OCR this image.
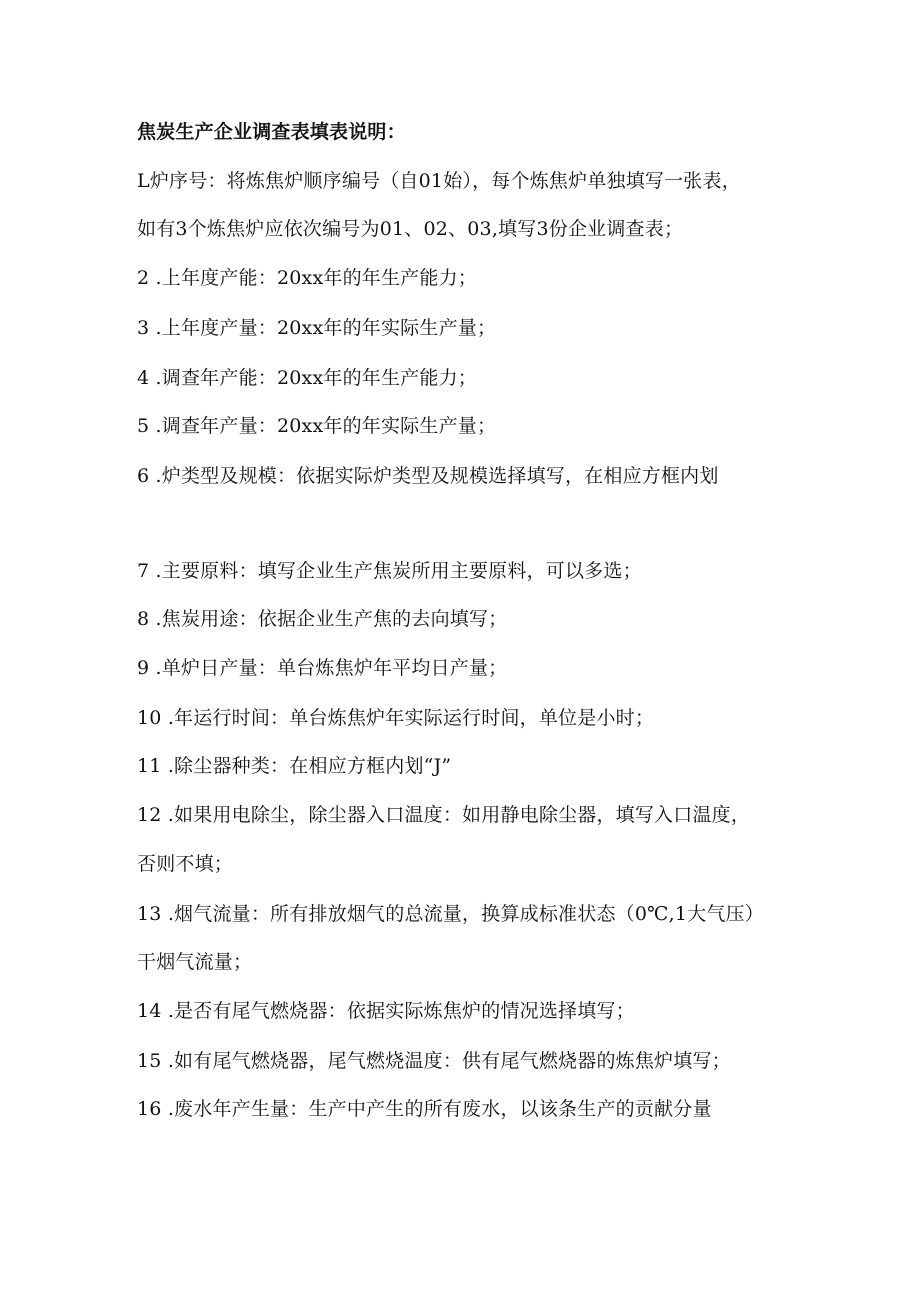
焦炭生产企业调查表填表说明：
L炉序号：将炼焦炉顺序编号（自01始），每个炼焦炉单独填写一张表，
如有3个炼焦炉应依次编号为01、02、03,填写3份企业调查表；
2 .上年度产能：20xx年的年生产能力；
3 .上年度产量：20xx年的年实际生产量；
4 .调查年产能：20xx年的年生产能力；
5 .调查年产量：20xx年的年实际生产量；
6 .炉类型及规模：依据实际炉类型及规模选择填写，在相应方框内划
7 .主要原料：填写企业生产焦炭所用主要原料，可以多选；
8 .焦炭用途：依据企业生产焦的去向填写；
9 .单炉日产量：单台炼焦炉年平均日产量；
10 .年运行时间：单台炼焦炉年实际运行时间，单位是小时；
11 .除尘器种类：在相应方框内划“J”
12 .如果用电除尘，除尘器入口温度：如用静电除尘器，填写入口温度，
否则不填；
13 .烟气流量：所有排放烟气的总流量，换算成标准状态（0℃,1大气压）
干烟气流量；
14 .是否有尾气燃烧器：依据实际炼焦炉的情况选择填写；
15 .如有尾气燃烧器，尾气燃烧温度：供有尾气燃烧器的炼焦炉填写；
16 .废水年产生量：生产中产生的所有废水，以该条生产的贡献分量
